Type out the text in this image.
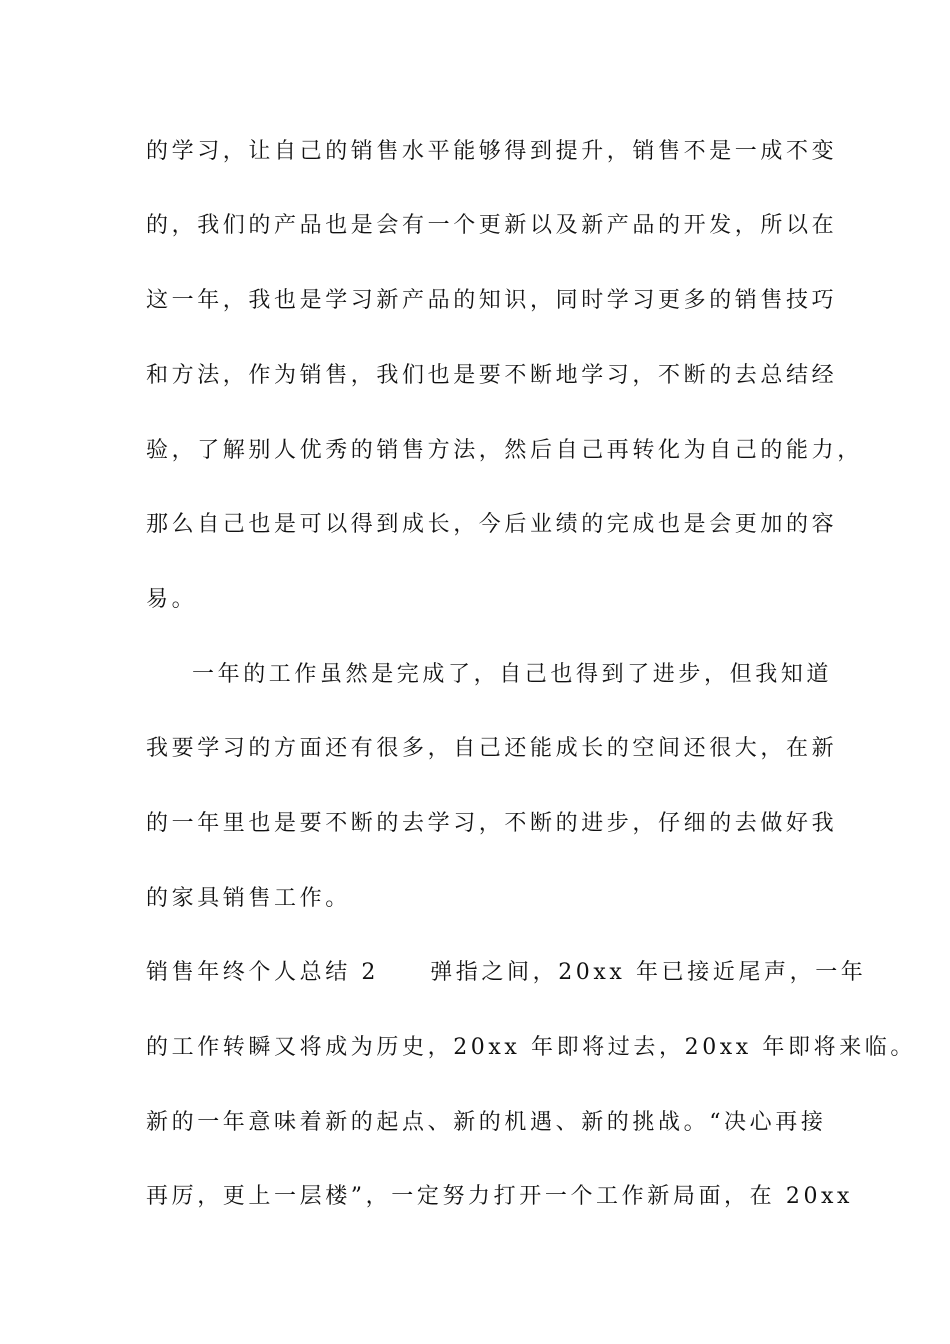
的学习，让自己的销售水平能够得到提升，销售不是一成不变
的，我们的产品也是会有一个更新以及新产品的开发，所以在
这一年，我也是学习新产品的知识，同时学习更多的销售技巧
和方法，作为销售，我们也是要不断地学习，不断的去总结经
验，了解别人优秀的销售方法，然后自己再转化为自己的能力，
那么自己也是可以得到成长，今后业绩的完成也是会更加的容
易。
一年的工作虽然是完成了，自己也得到了进步，但我知道
我要学习的方面还有很多，自己还能成长的空间还很大，在新
的一年里也是要不断的去学习，不断的进步，仔细的去做好我
的家具销售工作。
销售年终个人总结 2　　弹指之间，20xx 年已接近尾声，一年
的工作转瞬又将成为历史，20xx 年即将过去，20xx 年即将来临。
新的一年意味着新的起点、新的机遇、新的挑战。“决心再接
再厉，更上一层楼”，一定努力打开一个工作新局面，在 20xx
